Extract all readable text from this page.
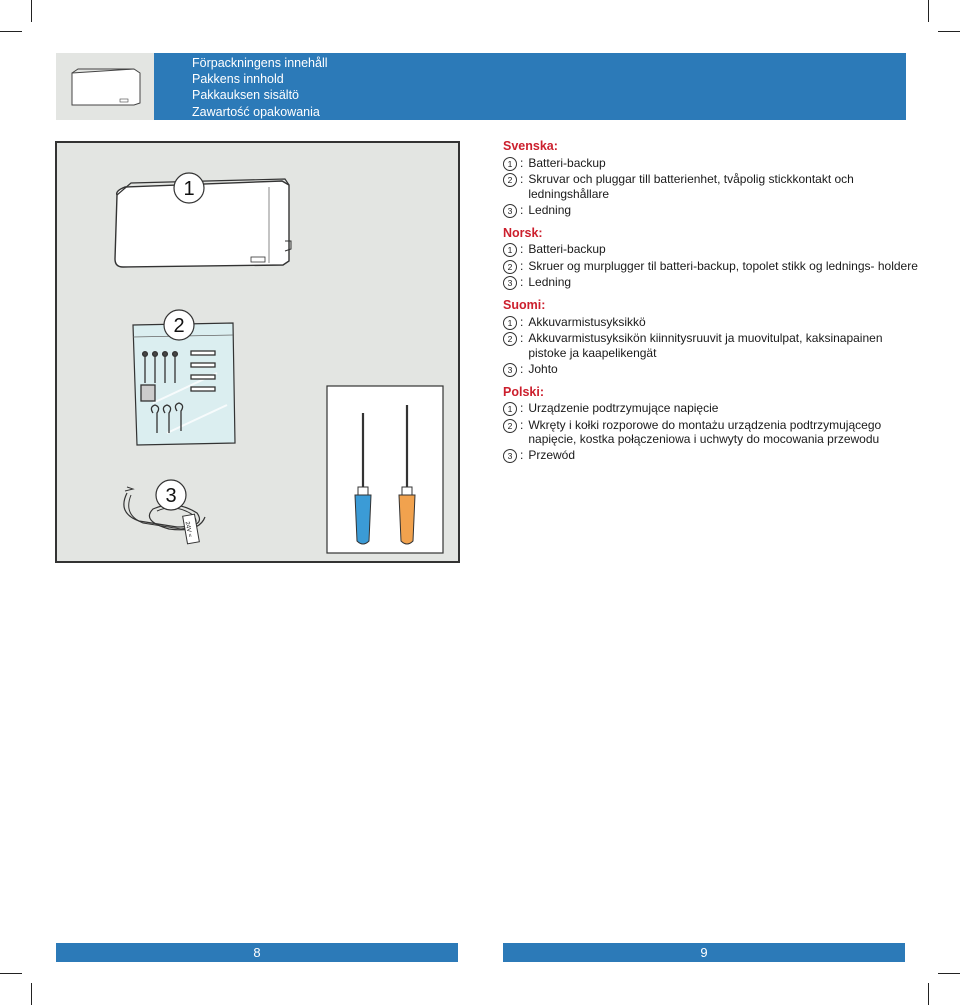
Förpackningens innehåll
Pakkens innhold
Pakkauksen sisältö
Zawartość opakowania
1
2
24V =
3
Svenska:
1 : Batteri-backup
2 : Skruvar och pluggar till batterienhet, tvåpolig stickkontakt och ledningshållare
3 : Ledning
Norsk:
1 : Batteri-backup
2 : Skruer og murplugger til batteri-backup, topolet stikk og lednings- holdere
3 : Ledning
Suomi:
1 : Akkuvarmistusyksikkö
2 : Akkuvarmistusyksikön kiinnitysruuvit ja muovitulpat, kaksinapainen pistoke ja kaapelikengät
3 : Johto
Polski:
1 : Urządzenie podtrzymujące napięcie
2 : Wkręty i kołki rozporowe do montażu urządzenia podtrzymującego napięcie, kostka połączeniowa i uchwyty do mocowania przewodu
3 : Przewód
8	9
